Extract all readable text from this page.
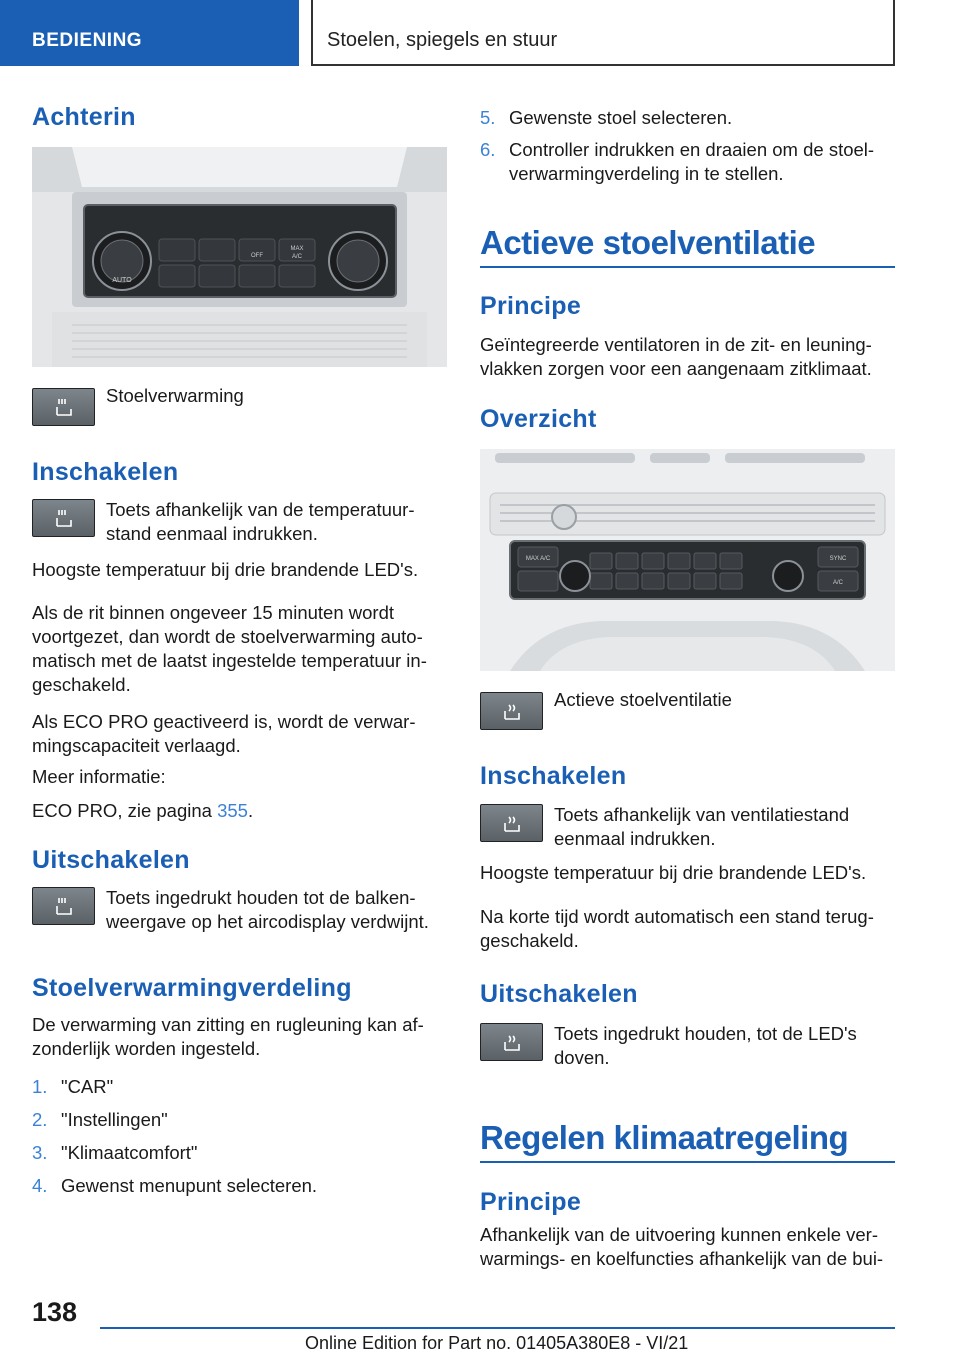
BEDIENING	Stoelen, spiegels en stuur
Achterin
AUTO
OFF
MAX
A/C
Stoelverwarming
Inschakelen
Toets afhankelijk van de temperatuurstand eenmaal indrukken.
Hoogste temperatuur bij drie brandende LED's.
Als de rit binnen ongeveer 15 minuten wordt voortgezet, dan wordt de stoelverwarming automatisch met de laatst ingestelde temperatuur ingeschakeld.
Als ECO PRO geactiveerd is, wordt de verwarmingscapaciteit verlaagd.
Meer informatie:
ECO PRO, zie pagina 355.
Uitschakelen
Toets ingedrukt houden tot de balkenweergave op het aircodisplay verdwijnt.
Stoelverwarmingverdeling
De verwarming van zitting en rugleuning kan afzonderlijk worden ingesteld.
1. "CAR"
2. "Instellingen"
3. "Klimaatcomfort"
4. Gewenst menupunt selecteren.
5. Gewenste stoel selecteren.
6. Controller indrukken en draaien om de stoelverwarmingverdeling in te stellen.
Actieve stoelventilatie
Principe
Geïntegreerde ventilatoren in de zit- en leuningvlakken zorgen voor een aangenaam zitklimaat.
Overzicht
MAX A/C	SYNC
A/C
Actieve stoelventilatie
Inschakelen
Toets afhankelijk van ventilatiestand eenmaal indrukken.
Hoogste temperatuur bij drie brandende LED's.
Na korte tijd wordt automatisch een stand teruggeschakeld.
Uitschakelen
Toets ingedrukt houden, tot de LED's doven.
Regelen klimaatregeling
Principe
Afhankelijk van de uitvoering kunnen enkele verwarmings- en koelfuncties afhankelijk van de bui-
138
Online Edition for Part no. 01405A380E8 - VI/21
